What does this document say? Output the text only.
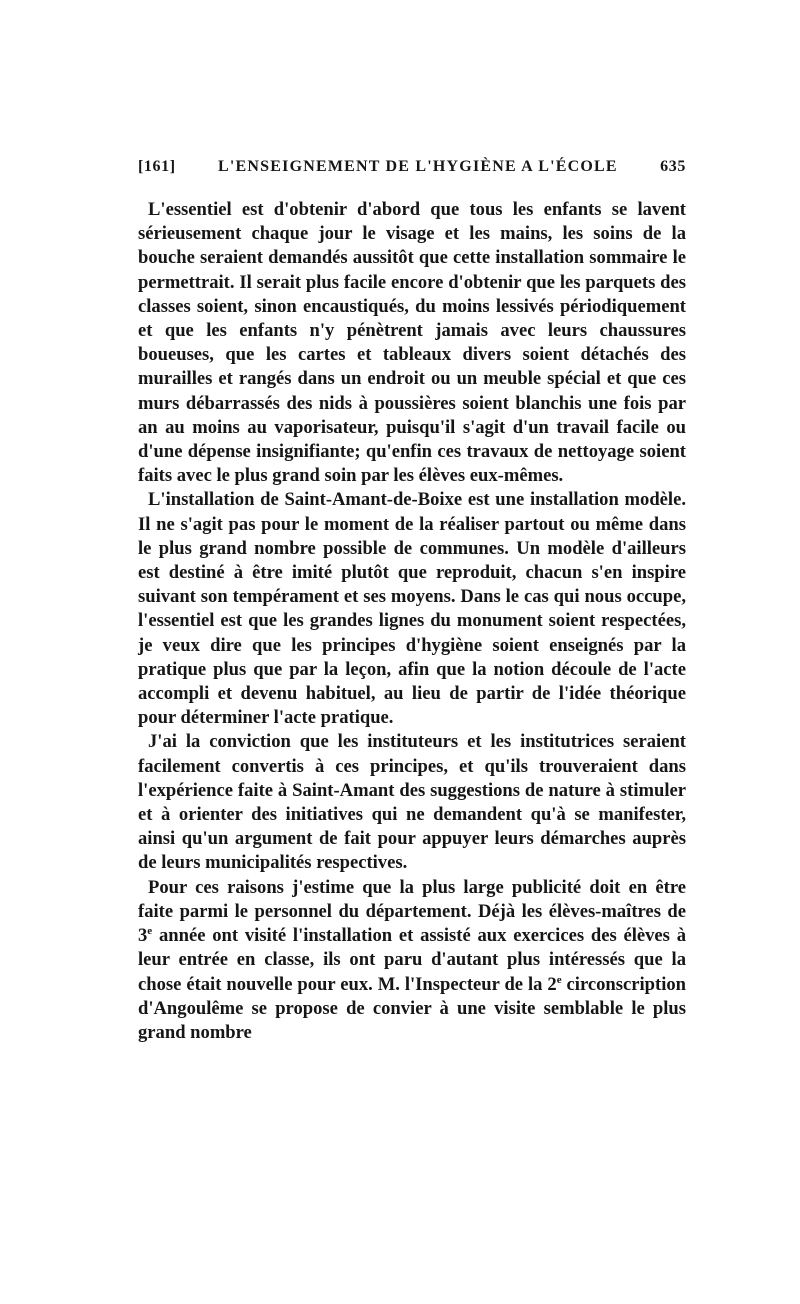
[161]	L'ENSEIGNEMENT DE L'HYGIÈNE A L'ÉCOLE	635

L'essentiel est d'obtenir d'abord que tous les enfants se lavent sérieusement chaque jour le visage et les mains, les soins de la bouche seraient demandés aussitôt que cette installation sommaire le permettrait. Il serait plus facile encore d'obtenir que les parquets des classes soient, sinon encaustiqués, du moins lessivés périodiquement et que les enfants n'y pénètrent jamais avec leurs chaussures boueuses, que les cartes et tableaux divers soient détachés des murailles et rangés dans un endroit ou un meuble spécial et que ces murs débarrassés des nids à poussières soient blanchis une fois par an au moins au vaporisateur, puisqu'il s'agit d'un travail facile ou d'une dépense insignifiante; qu'enfin ces travaux de nettoyage soient faits avec le plus grand soin par les élèves eux-mêmes.

L'installation de Saint-Amant-de-Boixe est une installation modèle. Il ne s'agit pas pour le moment de la réaliser partout ou même dans le plus grand nombre possible de communes. Un modèle d'ailleurs est destiné à être imité plutôt que reproduit, chacun s'en inspire suivant son tempérament et ses moyens. Dans le cas qui nous occupe, l'essentiel est que les grandes lignes du monument soient respectées, je veux dire que les principes d'hygiène soient enseignés par la pratique plus que par la leçon, afin que la notion découle de l'acte accompli et devenu habituel, au lieu de partir de l'idée théorique pour déterminer l'acte pratique.

J'ai la conviction que les instituteurs et les institutrices seraient facilement convertis à ces principes, et qu'ils trouveraient dans l'expérience faite à Saint-Amant des suggestions de nature à stimuler et à orienter des initiatives qui ne demandent qu'à se manifester, ainsi qu'un argument de fait pour appuyer leurs démarches auprès de leurs municipalités respectives.

Pour ces raisons j'estime que la plus large publicité doit en être faite parmi le personnel du département. Déjà les élèves-maîtres de 3e année ont visité l'installation et assisté aux exercices des élèves à leur entrée en classe, ils ont paru d'autant plus intéressés que la chose était nouvelle pour eux. M. l'Inspecteur de la 2e circonscription d'Angoulême se propose de convier à une visite semblable le plus grand nombre
